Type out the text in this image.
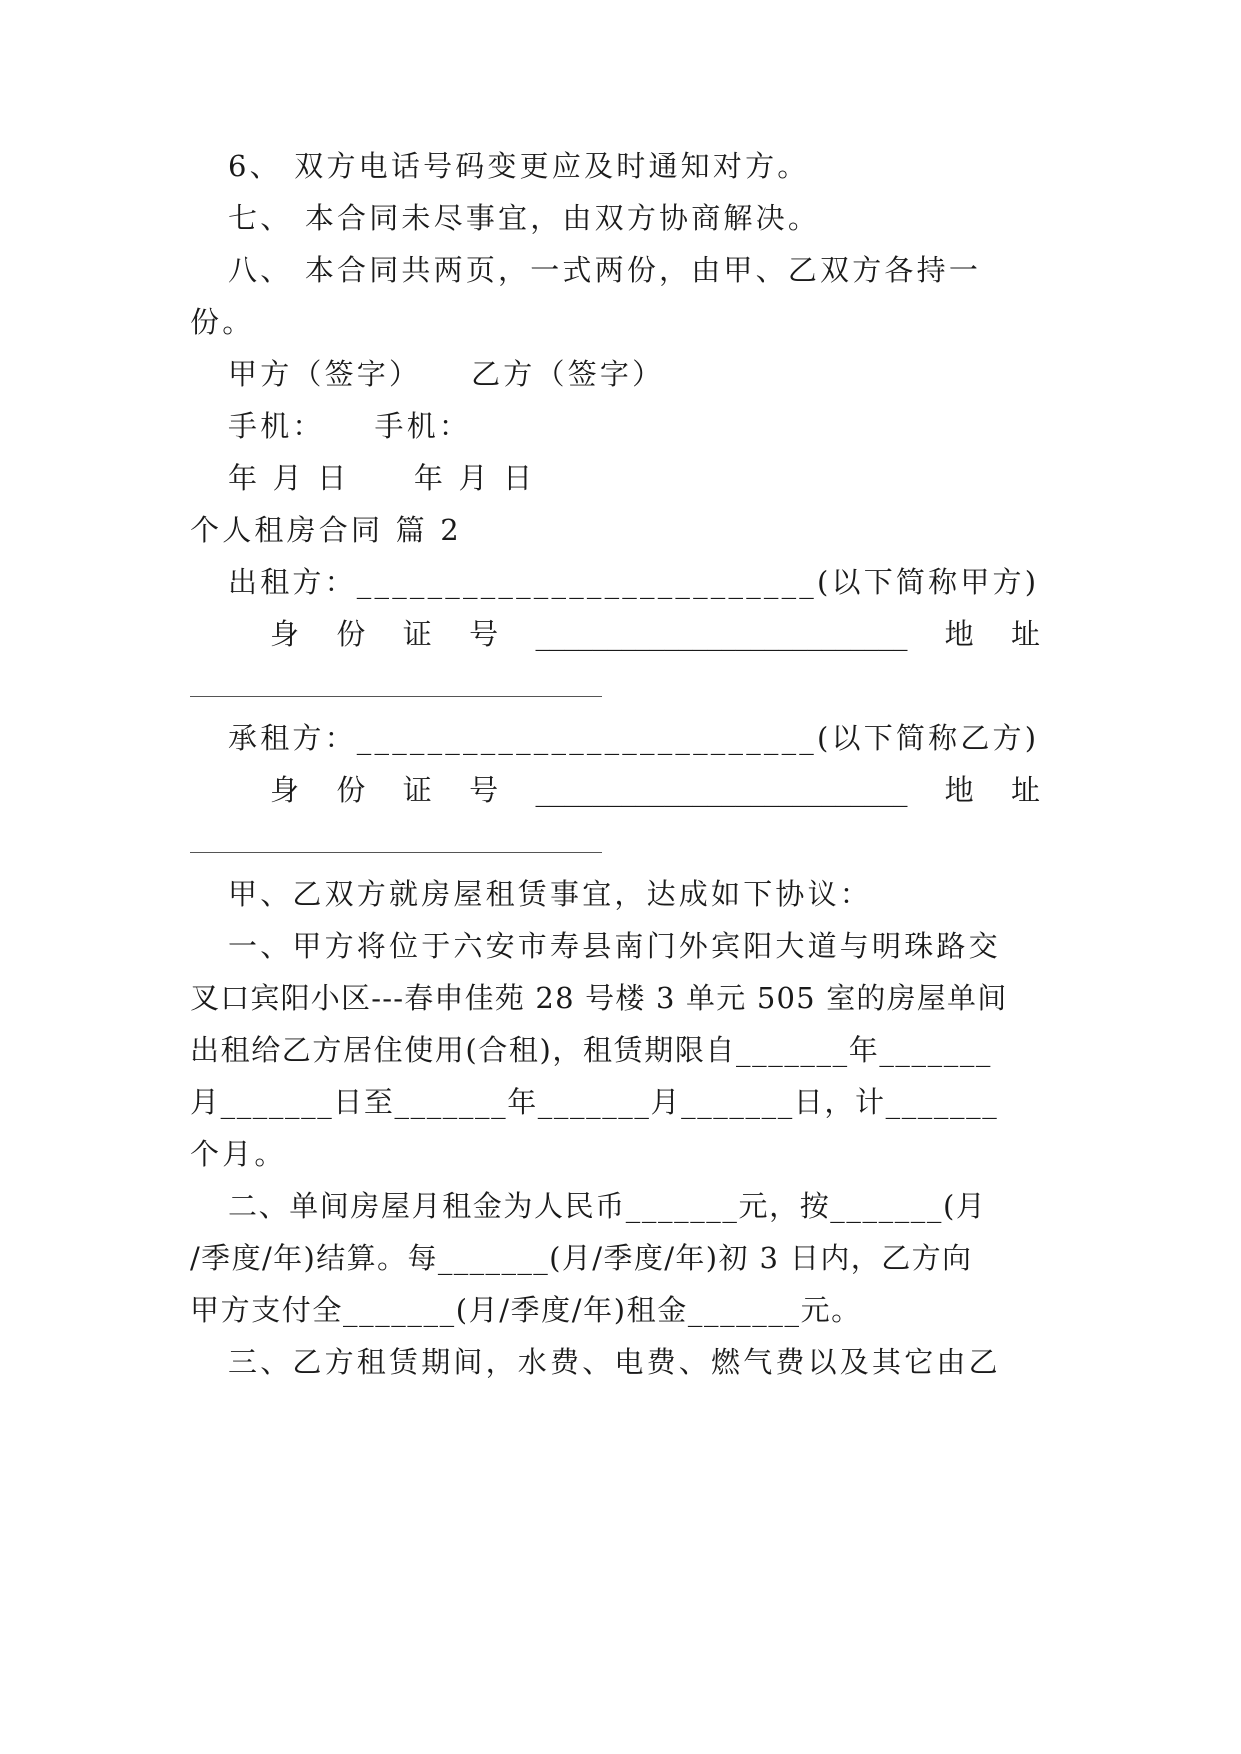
6、 双方电话号码变更应及时通知对方。
七、 本合同未尽事宜，由双方协商解决。
八、 本合同共两页，一式两份，由甲、乙双方各持一
份。
甲方（签字）　　乙方（签字）
手机：　　手机：
年 月 日　　年 月 日
个人租房合同 篇 2
出租方：__________________________(以下简称甲方)
身 份 证 号 __________________________ 地 址
承租方：__________________________(以下简称乙方)
身 份 证 号 __________________________ 地 址
甲、乙双方就房屋租赁事宜，达成如下协议：
一、甲方将位于六安市寿县南门外宾阳大道与明珠路交
叉口宾阳小区---春申佳苑 28 号楼 3 单元 505 室的房屋单间
出租给乙方居住使用(合租)，租赁期限自_______年_______
月_______日至_______年_______月_______日，计_______
个月。
二、单间房屋月租金为人民币_______元，按_______(月
/季度/年)结算。每_______(月/季度/年)初 3 日内，乙方向
甲方支付全_______(月/季度/年)租金_______元。
三、乙方租赁期间，水费、电费、燃气费以及其它由乙
